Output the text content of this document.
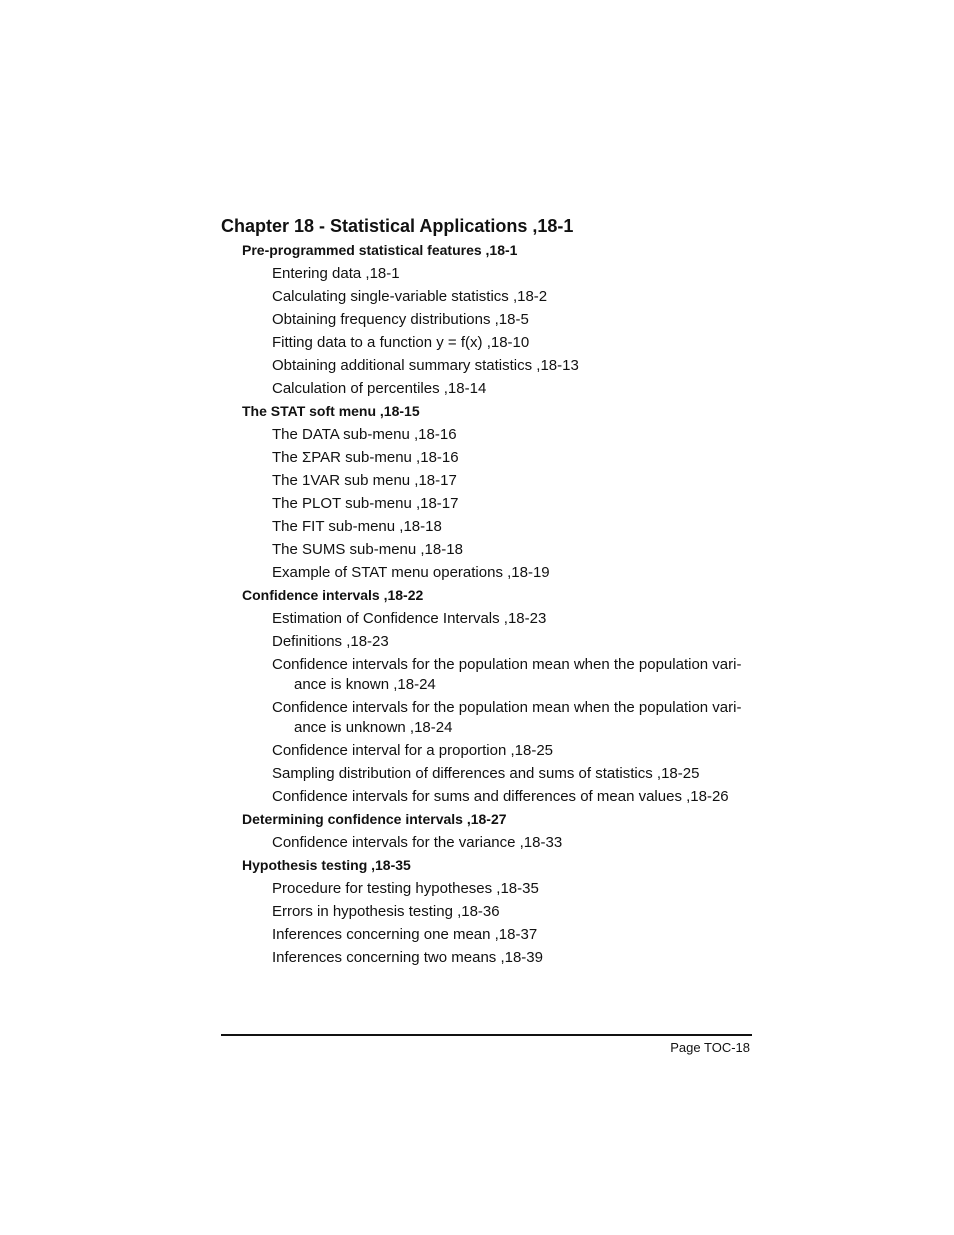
Chapter 18 - Statistical Applications ,18-1
Pre-programmed statistical features ,18-1
Entering data ,18-1
Calculating single-variable statistics ,18-2
Obtaining frequency distributions ,18-5
Fitting data to a function y = f(x) ,18-10
Obtaining additional summary statistics ,18-13
Calculation of percentiles ,18-14
The STAT soft menu ,18-15
The DATA sub-menu ,18-16
The ΣPAR sub-menu ,18-16
The 1VAR sub menu ,18-17
The PLOT sub-menu ,18-17
The FIT sub-menu ,18-18
The SUMS sub-menu ,18-18
Example of STAT menu operations ,18-19
Confidence intervals ,18-22
Estimation of Confidence Intervals ,18-23
Definitions ,18-23
Confidence intervals for the population mean when the population vari- ance is known ,18-24
Confidence intervals for the population mean when the population vari- ance is unknown ,18-24
Confidence interval for a proportion ,18-25
Sampling distribution of differences and sums of statistics ,18-25
Confidence intervals for sums and differences of mean values ,18-26
Determining confidence intervals ,18-27
Confidence intervals for the variance ,18-33
Hypothesis testing ,18-35
Procedure for testing hypotheses ,18-35
Errors in hypothesis testing ,18-36
Inferences concerning one mean ,18-37
Inferences concerning two means ,18-39
Page TOC-18
